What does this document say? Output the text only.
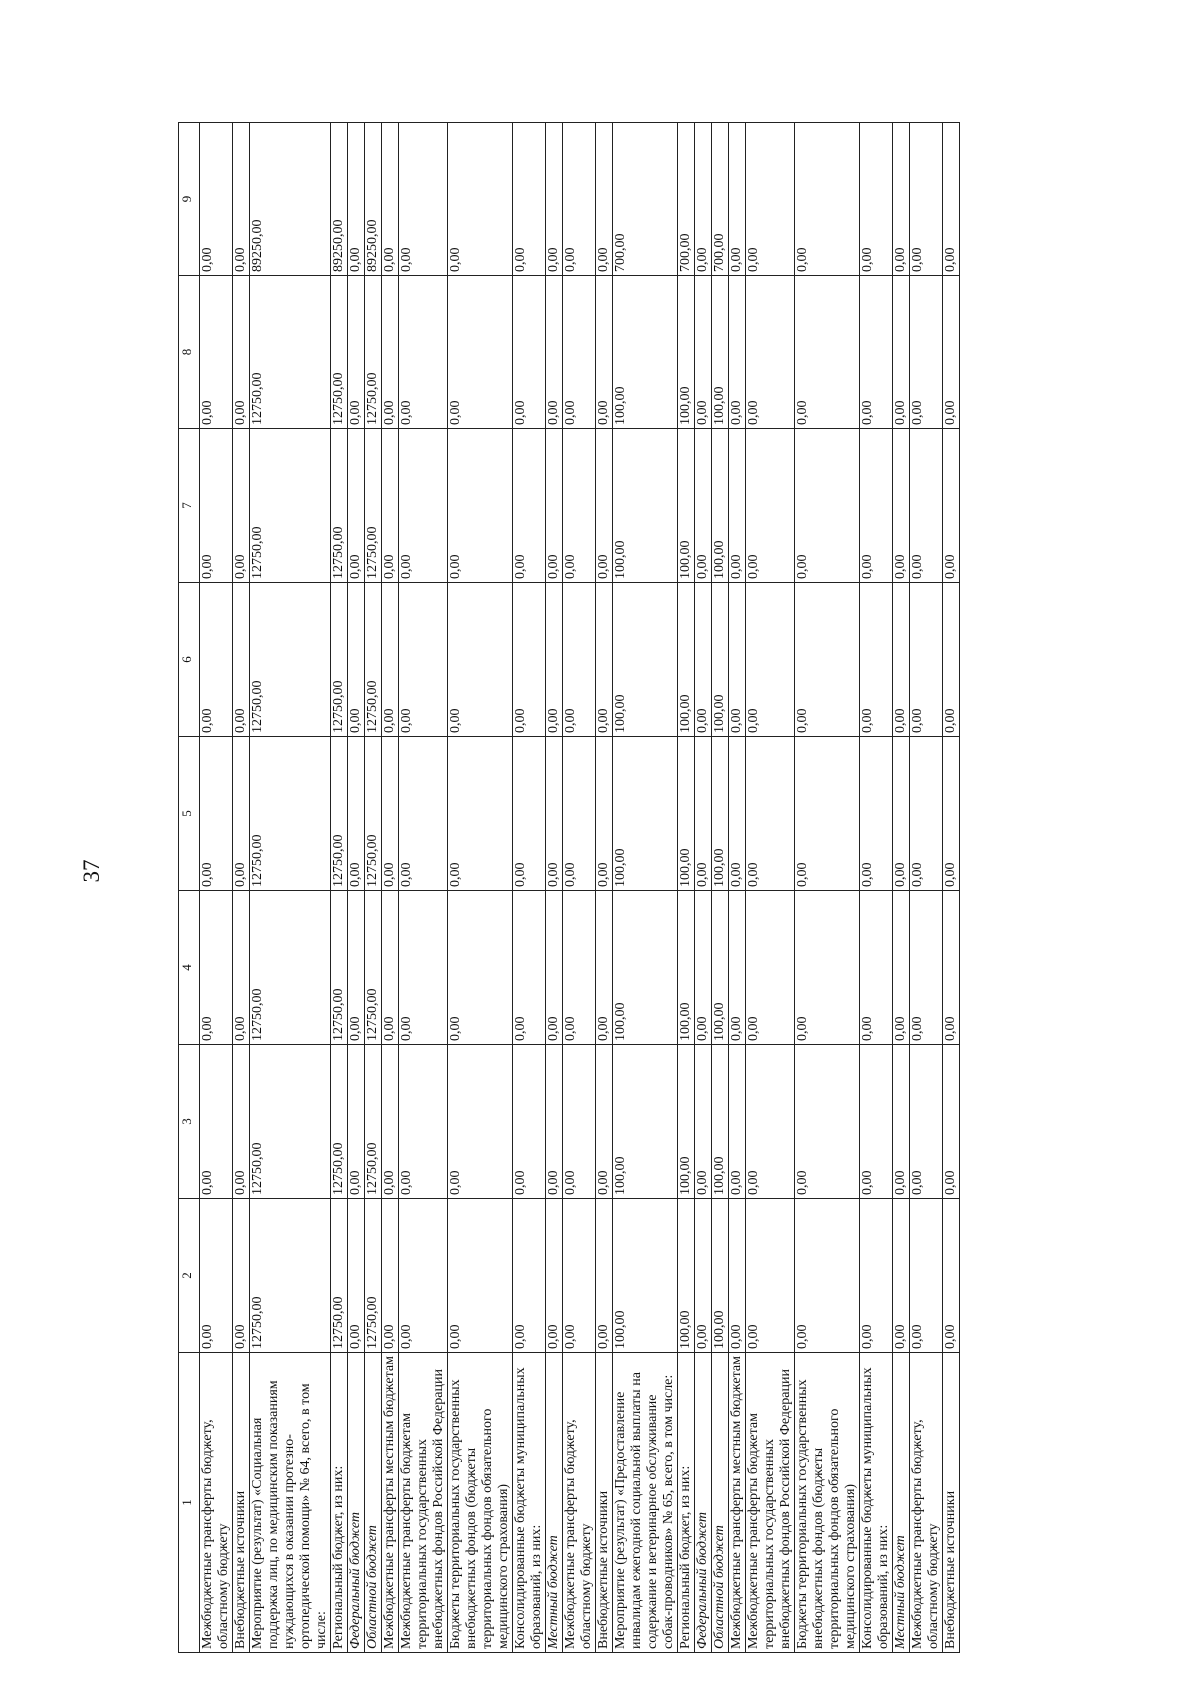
37
1	2	3	4	5	6	7	8	9
Межбюджетные трансферты бюджету, областному бюджету	0,00	0,00	0,00	0,00	0,00	0,00	0,00	0,00
Внебюджетные источники	0,00	0,00	0,00	0,00	0,00	0,00	0,00	0,00
Мероприятие (результат) «Социальная поддержка лиц, по медицинским показаниям нуждающихся в оказании протезно-ортопедической помощи» № 64, всего, в том числе:	12750,00	12750,00	12750,00	12750,00	12750,00	12750,00	12750,00	89250,00
Региональный бюджет, из них:	12750,00	12750,00	12750,00	12750,00	12750,00	12750,00	12750,00	89250,00
Федеральный бюджет	0,00	0,00	0,00	0,00	0,00	0,00	0,00	0,00
Областной бюджет	12750,00	12750,00	12750,00	12750,00	12750,00	12750,00	12750,00	89250,00
Межбюджетные трансферты местным бюджетам	0,00	0,00	0,00	0,00	0,00	0,00	0,00	0,00
Межбюджетные трансферты бюджетам территориальных государственных внебюджетных фондов Российской Федерации	0,00	0,00	0,00	0,00	0,00	0,00	0,00	0,00
Бюджеты территориальных государственных внебюджетных фондов (бюджеты территориальных фондов обязательного медицинского страхования)	0,00	0,00	0,00	0,00	0,00	0,00	0,00	0,00
Консолидированные бюджеты муниципальных образований, из них:	0,00	0,00	0,00	0,00	0,00	0,00	0,00	0,00
Местный бюджет	0,00	0,00	0,00	0,00	0,00	0,00	0,00	0,00
Межбюджетные трансферты бюджету, областному бюджету	0,00	0,00	0,00	0,00	0,00	0,00	0,00	0,00
Внебюджетные источники	0,00	0,00	0,00	0,00	0,00	0,00	0,00	0,00
Мероприятие (результат) «Предоставление инвалидам ежегодной социальной выплаты на содержание и ветеринарное обслуживание собак-проводников» № 65, всего, в том числе:	100,00	100,00	100,00	100,00	100,00	100,00	100,00	700,00
Региональный бюджет, из них:	100,00	100,00	100,00	100,00	100,00	100,00	100,00	700,00
Федеральный бюджет	0,00	0,00	0,00	0,00	0,00	0,00	0,00	0,00
Областной бюджет	100,00	100,00	100,00	100,00	100,00	100,00	100,00	700,00
Межбюджетные трансферты местным бюджетам	0,00	0,00	0,00	0,00	0,00	0,00	0,00	0,00
Межбюджетные трансферты бюджетам территориальных государственных внебюджетных фондов Российской Федерации	0,00	0,00	0,00	0,00	0,00	0,00	0,00	0,00
Бюджеты территориальных государственных внебюджетных фондов (бюджеты территориальных фондов обязательного медицинского страхования)	0,00	0,00	0,00	0,00	0,00	0,00	0,00	0,00
Консолидированные бюджеты муниципальных образований, из них:	0,00	0,00	0,00	0,00	0,00	0,00	0,00	0,00
Местный бюджет	0,00	0,00	0,00	0,00	0,00	0,00	0,00	0,00
Межбюджетные трансферты бюджету, областному бюджету	0,00	0,00	0,00	0,00	0,00	0,00	0,00	0,00
Внебюджетные источники	0,00	0,00	0,00	0,00	0,00	0,00	0,00	0,00
